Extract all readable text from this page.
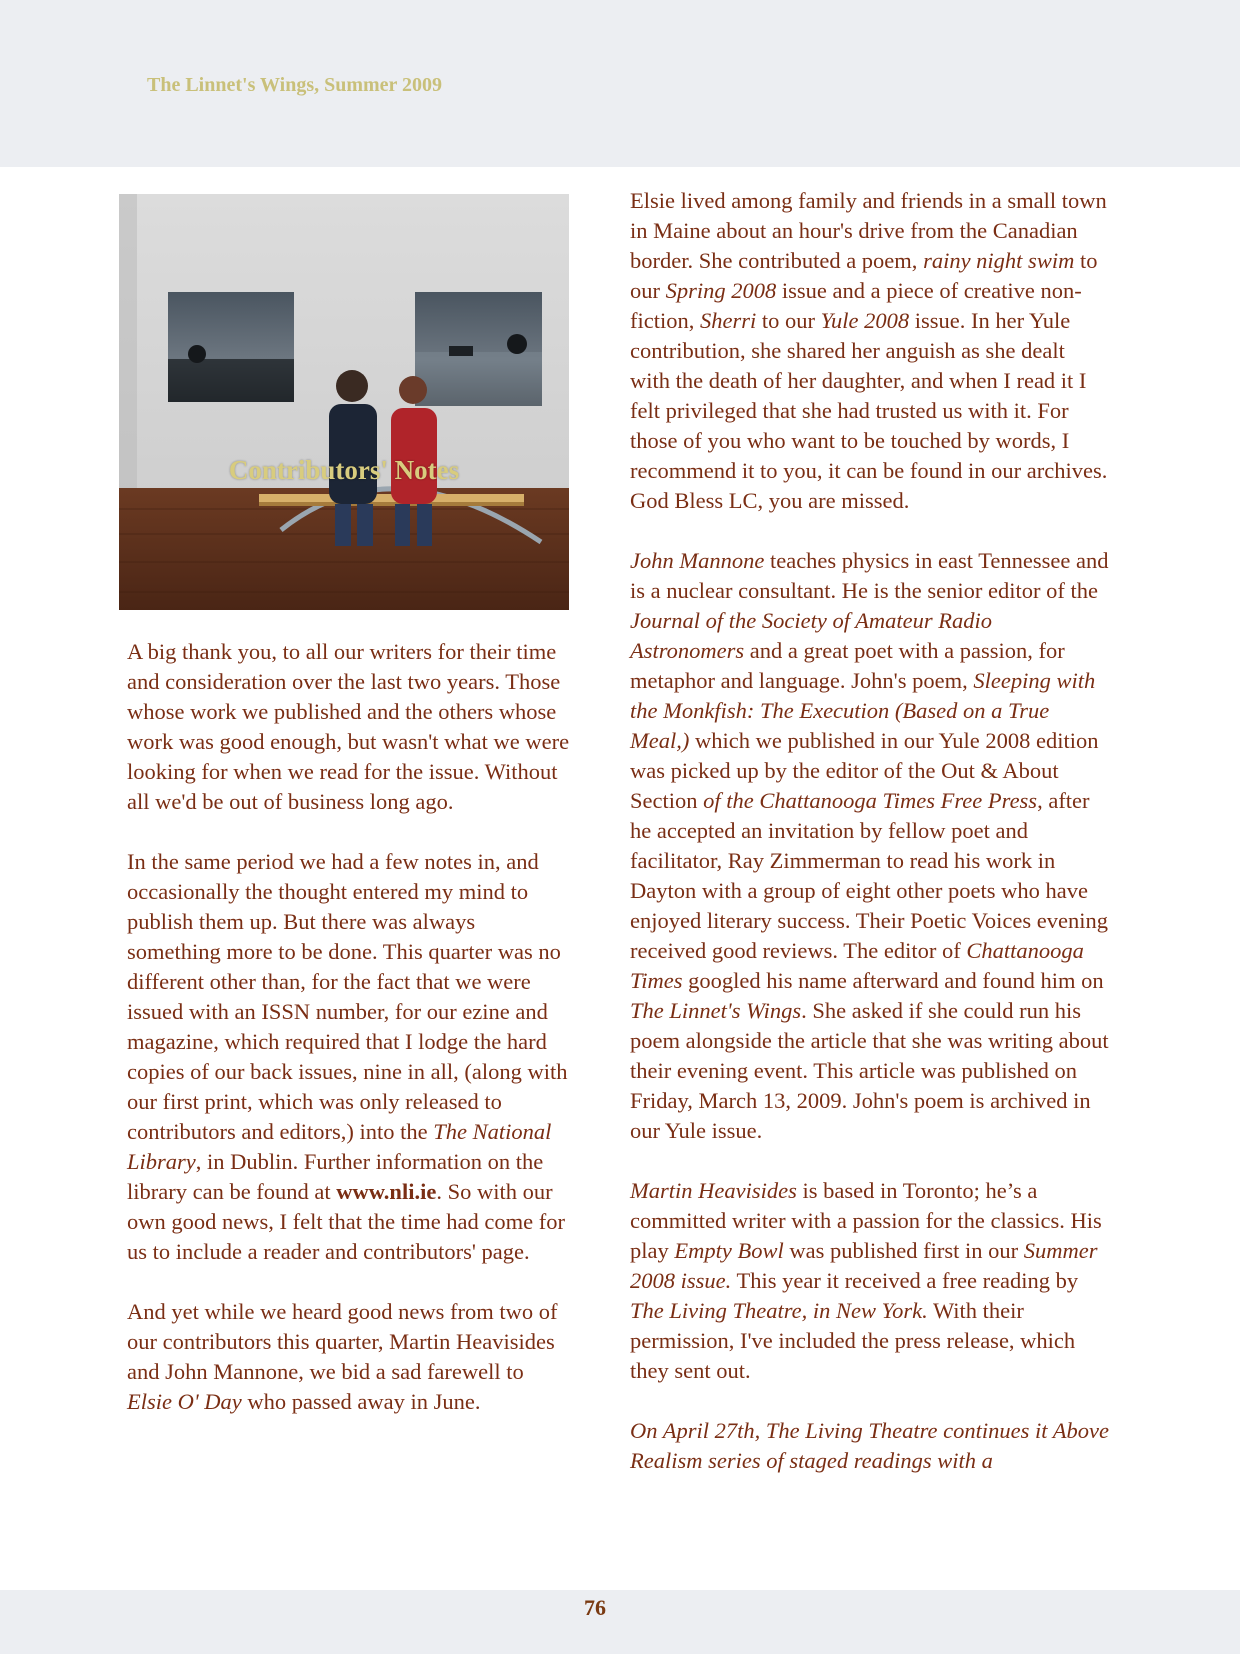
The Linnet's Wings, Summer 2009
Contributors' Notes

A big thank you, to all our writers for their time and consideration over the last two years. Those whose work we published and the others whose work was good enough, but wasn't what we were looking for when we read for the issue. Without all we'd be out of business long ago.

In the same period we had a few notes in, and occasionally the thought entered my mind to publish them up. But there was always something more to be done. This quarter was no different other than, for the fact that we were issued with an ISSN number, for our ezine and magazine, which required that I lodge the hard copies of our back issues, nine in all, (along with our first print, which was only released to contributors and editors,) into the The National Library, in Dublin. Further information on the library can be found at www.nli.ie. So with our own good news, I felt that the time had come for us to include a reader and contributors' page.

And yet while we heard good news from two of our contributors this quarter, Martin Heavisides and John Mannone, we bid a sad farewell to Elsie O' Day who passed away in June.

Elsie lived among family and friends in a small town in Maine about an hour's drive from the Canadian border. She contributed a poem, rainy night swim to our Spring 2008 issue and a piece of creative non-fiction, Sherri to our Yule 2008 issue. In her Yule contribution, she shared her anguish as she dealt with the death of her daughter, and when I read it I felt privileged that she had trusted us with it. For those of you who want to be touched by words, I recommend it to you, it can be found in our archives. God Bless LC, you are missed.

John Mannone teaches physics in east Tennessee and is a nuclear consultant. He is the senior editor of the Journal of the Society of Amateur Radio Astronomers and a great poet with a passion, for metaphor and language. John's poem, Sleeping with the Monkfish: The Execution (Based on a True Meal,) which we published in our Yule 2008 edition was picked up by the editor of the Out & About Section of the Chattanooga Times Free Press, after he accepted an invitation by fellow poet and facilitator, Ray Zimmerman to read his work in Dayton with a group of eight other poets who have enjoyed literary success. Their Poetic Voices evening received good reviews. The editor of Chattanooga Times googled his name afterward and found him on The Linnet's Wings. She asked if she could run his poem alongside the article that she was writing about their evening event. This article was published on Friday, March 13, 2009. John's poem is archived in our Yule issue.

Martin Heavisides is based in Toronto; he’s a committed writer with a passion for the classics. His play Empty Bowl was published first in our Summer 2008 issue. This year it received a free reading by The Living Theatre, in New York. With their permission, I've included the press release, which they sent out.

On April 27th, The Living Theatre continues it Above Realism series of staged readings with a

76
